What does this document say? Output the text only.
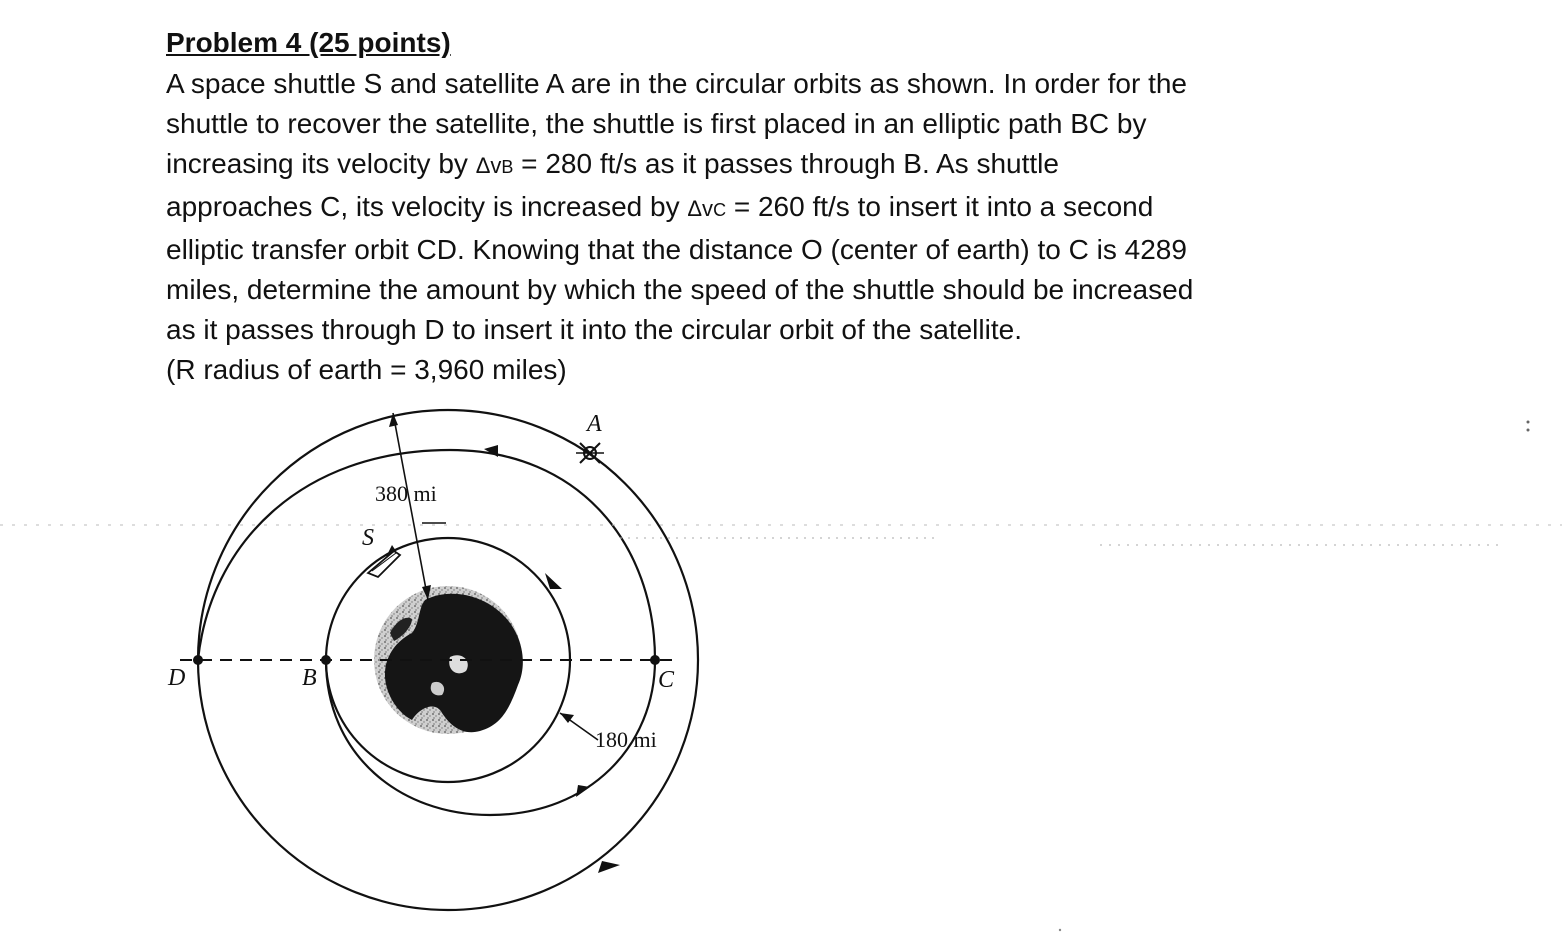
Problem 4 (25 points)
A space shuttle S and satellite A are in the circular orbits as shown. In order for the
shuttle to recover the satellite, the shuttle is first placed in an elliptic path BC by
increasing its velocity by ΔvB = 280 ft/s as it passes through B. As shuttle
approaches C, its velocity is increased by ΔvC = 260 ft/s to insert it into a second
elliptic transfer orbit CD. Knowing that the distance O (center of earth) to C is 4289
miles, determine the amount by which the speed of the shuttle should be increased
as it passes through D to insert it into the circular orbit of the satellite.
(R radius of earth = 3,960 miles)
A
S
D	B	C
380 mi
180 mi
